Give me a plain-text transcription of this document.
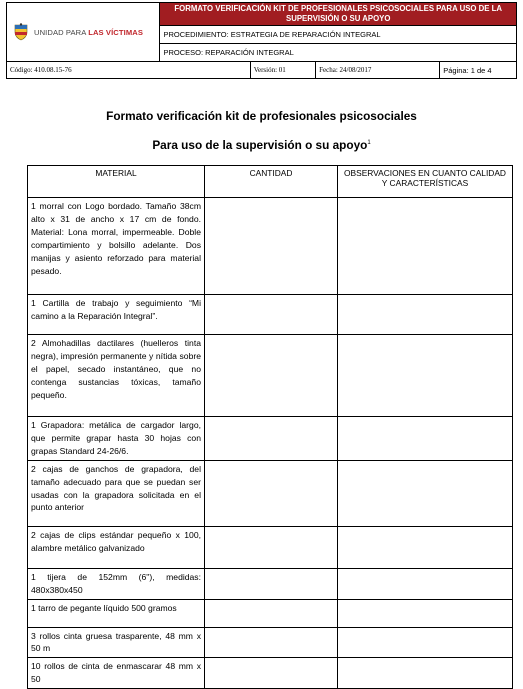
UNIDAD PARA LAS VÍCTIMAS	FORMATO VERIFICACIÓN KIT DE PROFESIONALES PSICOSOCIALES PARA USO DE LA SUPERVISIÓN O SU APOYO			
	PROCEDIMIENTO: ESTRATEGIA DE REPARACIÓN INTEGRAL			
	PROCESO: REPARACIÓN INTEGRAL			
Código: 410.08.15-76		Versión: 01	Fecha: 24/08/2017	Página: 1 de 4
Formato verificación kit de profesionales psicosociales
Para uso de la supervisión o su apoyo$^1$
MATERIAL	CANTIDAD	OBSERVACIONES EN CUANTO CALIDAD Y CARACTERÍSTICAS
1 morral con Logo bordado. Tamaño 38cm alto x 31 de ancho x 17 cm de fondo. Material: Lona morral, impermeable. Doble compartimiento y bolsillo adelante. Dos manijas y asiento reforzado para material pesado.		
1 Cartilla de trabajo y seguimiento “Mi camino a la Reparación Integral”.		
2 Almohadillas dactilares (huelleros tinta negra), impresión permanente y nítida sobre el papel, secado instantáneo, que no contenga sustancias tóxicas, tamaño pequeño.		
1 Grapadora: metálica de cargador largo, que permite grapar hasta 30 hojas con grapas Standard 24-26/6.		
2 cajas de ganchos de grapadora, del tamaño adecuado para que se puedan ser usadas con la grapadora solicitada en el punto anterior		
2 cajas de clips estándar pequeño x 100, alambre metálico galvanizado		
1 tijera de 152mm (6"), medidas: 480x380x450		
1 tarro de pegante líquido 500 gramos		
3 rollos cinta gruesa trasparente, 48 mm x 50 m		
10 rollos de cinta de enmascarar 48 mm x 50		
